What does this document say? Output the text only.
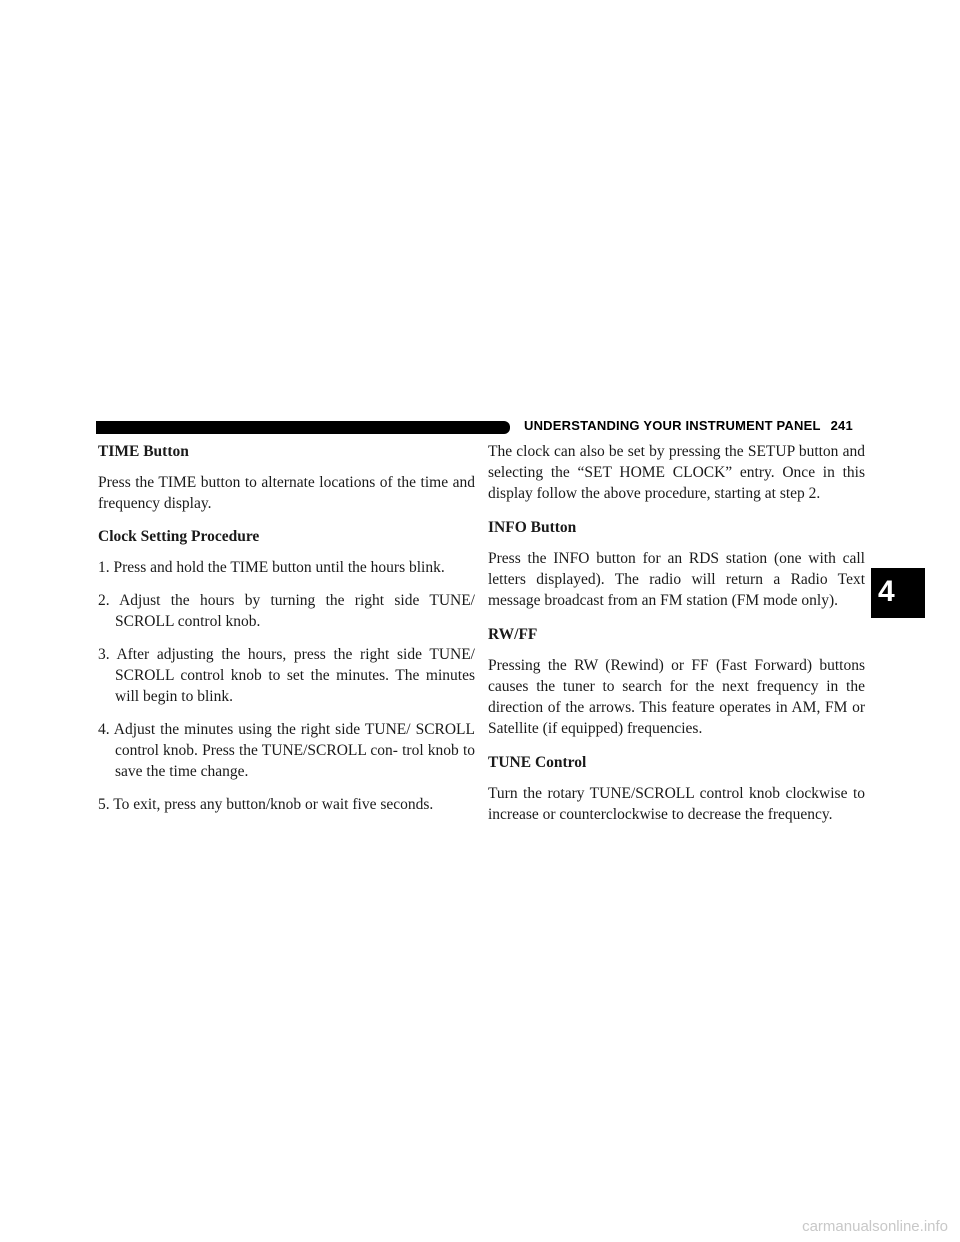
UNDERSTANDING YOUR INSTRUMENT PANEL 241
TIME Button

Press the TIME button to alternate locations of the time and frequency display.

Clock Setting Procedure
1. Press and hold the TIME button until the hours blink.
2. Adjust the hours by turning the right side TUNE/ SCROLL control knob.
3. After adjusting the hours, press the right side TUNE/ SCROLL control knob to set the minutes. The minutes will begin to blink.
4. Adjust the minutes using the right side TUNE/ SCROLL control knob. Press the TUNE/SCROLL con- trol knob to save the time change.
5. To exit, press any button/knob or wait five seconds.

The clock can also be set by pressing the SETUP button and selecting the “SET HOME CLOCK” entry. Once in this display follow the above procedure, starting at step 2.

INFO Button

Press the INFO button for an RDS station (one with call letters displayed). The radio will return a Radio Text message broadcast from an FM station (FM mode only).

RW/FF

Pressing the RW (Rewind) or FF (Fast Forward) buttons causes the tuner to search for the next frequency in the direction of the arrows. This feature operates in AM, FM or Satellite (if equipped) frequencies.

TUNE Control

Turn the rotary TUNE/SCROLL control knob clockwise to increase or counterclockwise to decrease the frequency.

4
carmanualsonline.info
